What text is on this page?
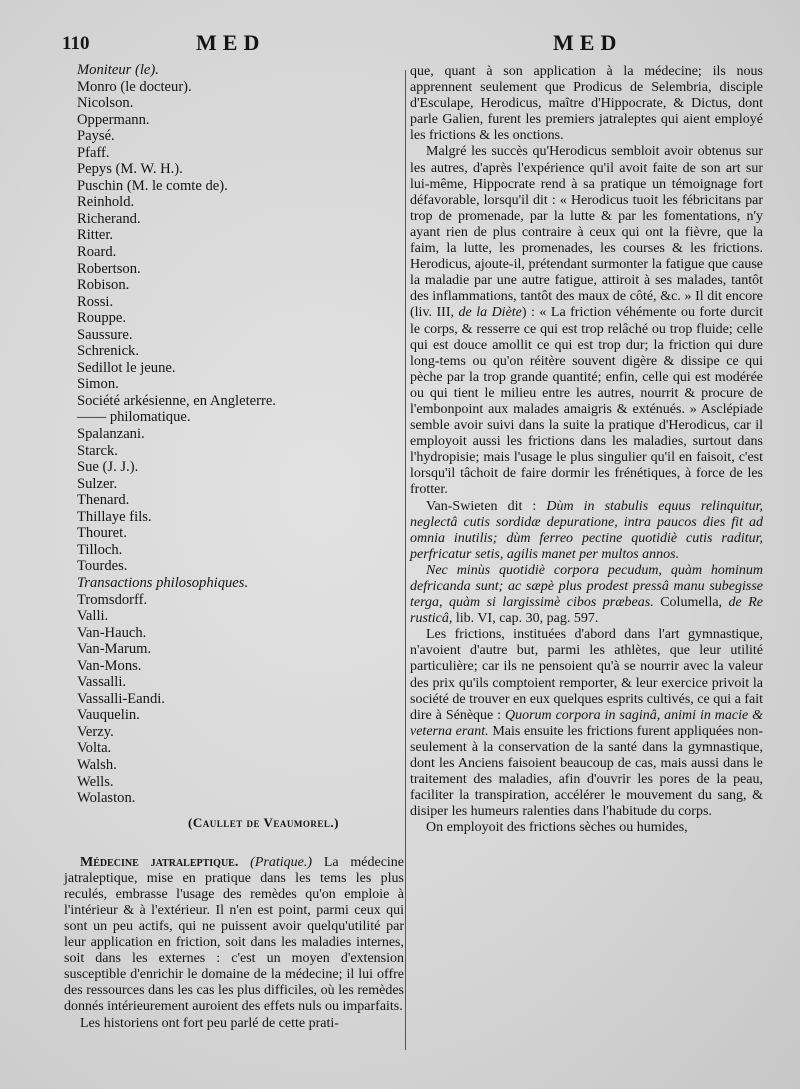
110	MED	MED
Moniteur (le).
Monro (le docteur).
Nicolson.
Oppermann.
Paysé.
Pfaff.
Pepys (M. W. H.).
Puschin (M. le comte de).
Reinhold.
Richerand.
Ritter.
Roard.
Robertson.
Robison.
Rossi.
Rouppe.
Saussure.
Schrenick.
Sedillot le jeune.
Simon.
Société arkésienne, en Angleterre.
—— philomatique.
Spalanzani.
Starck.
Sue (J. J.).
Sulzer.
Thenard.
Thillaye fils.
Thouret.
Tilloch.
Tourdes.
Transactions philosophiques.
Tromsdorff.
Valli.
Van-Hauch.
Van-Marum.
Van-Mons.
Vassalli.
Vassalli-Eandi.
Vauquelin.
Verzy.
Volta.
Walsh.
Wells.
Wolaston.
(Caullet de Veaumorel.)

Médecine jatraleptique. (Pratique.) La médecine jatraleptique, mise en pratique dans les tems les plus reculés, embrasse l'usage des remèdes qu'on emploie à l'intérieur & à l'extérieur. Il n'en est point, parmi ceux qui sont un peu actifs, qui ne puissent avoir quelqu'utilité par leur application en friction, soit dans les maladies internes, soit dans les externes : c'est un moyen d'extension susceptible d'enrichir le domaine de la médecine; il lui offre des ressources dans les cas les plus difficiles, où les remèdes donnés intérieurement auroient des effets nuls ou imparfaits.

Les historiens ont fort peu parlé de cette prati-

que, quant à son application à la médecine; ils nous apprennent seulement que Prodicus de Selembria, disciple d'Esculape, Herodicus, maître d'Hippocrate, & Dictus, dont parle Galien, furent les premiers jatraleptes qui aient employé les frictions & les onctions.

Malgré les succès qu'Herodicus sembloit avoir obtenus sur les autres, d'après l'expérience qu'il avoit faite de son art sur lui-même, Hippocrate rend à sa pratique un témoignage fort défavorable, lorsqu'il dit : « Herodicus tuoit les fébricitans par trop de promenade, par la lutte & par les fomentations, n'y ayant rien de plus contraire à ceux qui ont la fièvre, que la faim, la lutte, les promenades, les courses & les frictions. Herodicus, ajoute-il, prétendant surmonter la fatigue que cause la maladie par une autre fatigue, attiroit à ses malades, tantôt des inflammations, tantôt des maux de côté, &c. » Il dit encore (liv. III, de la Diète) : « La friction véhémente ou forte durcit le corps, & resserre ce qui est trop relâché ou trop fluide; celle qui est douce amollit ce qui est trop dur; la friction qui dure long-tems ou qu'on réitère souvent digère & dissipe ce qui pèche par la trop grande quantité; enfin, celle qui est modérée ou qui tient le milieu entre les autres, nourrit & procure de l'embonpoint aux malades amaigris & exténués. » Asclépiade semble avoir suivi dans la suite la pratique d'Herodicus, car il employoit aussi les frictions dans les maladies, surtout dans l'hydropisie; mais l'usage le plus singulier qu'il en faisoit, c'est lorsqu'il tâchoit de faire dormir les frénétiques, à force de les frotter.

Van-Swieten dit : Dùm in stabulis equus relinquitur, neglectâ cutis sordidæ depuratione, intra paucos dies fit ad omnia inutilis; dùm ferreo pectine quotidiè cutis raditur, perfricatur setis, agilis manet per multos annos.

Nec minùs quotidiè corpora pecudum, quàm hominum defricanda sunt; ac sæpè plus prodest pressâ manu subegisse terga, quàm si largissimè cibos præbeas. Columella, de Re rusticâ, lib. VI, cap. 30, pag. 597.

Les frictions, instituées d'abord dans l'art gymnastique, n'avoient d'autre but, parmi les athlètes, que leur utilité particulière; car ils ne pensoient qu'à se nourrir avec la valeur des prix qu'ils comptoient remporter, & leur exercice privoit la société de trouver en eux quelques esprits cultivés, ce qui a fait dire à Sénèque : Quorum corpora in saginâ, animi in macie & veterna erant. Mais ensuite les frictions furent appliquées non-seulement à la conservation de la santé dans la gymnastique, dont les Anciens faisoient beaucoup de cas, mais aussi dans le traitement des maladies, afin d'ouvrir les pores de la peau, faciliter la transpiration, accélérer le mouvement du sang, & disiper les humeurs ralenties dans l'habitude du corps.

On employoit des frictions sèches ou humides,
